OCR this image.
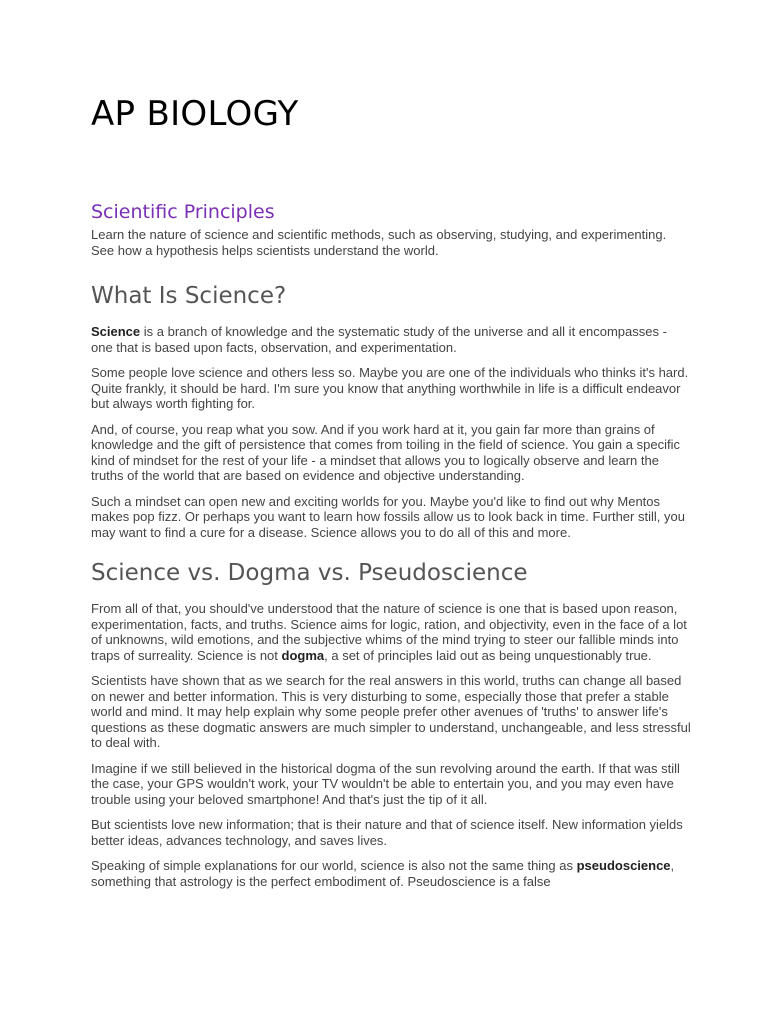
AP BIOLOGY
Scientific Principles

Learn the nature of science and scientific methods, such as observing, studying, and experimenting. See how a hypothesis helps scientists understand the world.

What Is Science?

Science is a branch of knowledge and the systematic study of the universe and all it encompasses - one that is based upon facts, observation, and experimentation.

Some people love science and others less so. Maybe you are one of the individuals who thinks it's hard. Quite frankly, it should be hard. I'm sure you know that anything worthwhile in life is a difficult endeavor but always worth fighting for.

And, of course, you reap what you sow. And if you work hard at it, you gain far more than grains of knowledge and the gift of persistence that comes from toiling in the field of science. You gain a specific kind of mindset for the rest of your life - a mindset that allows you to logically observe and learn the truths of the world that are based on evidence and objective understanding.

Such a mindset can open new and exciting worlds for you. Maybe you'd like to find out why Mentos makes pop fizz. Or perhaps you want to learn how fossils allow us to look back in time. Further still, you may want to find a cure for a disease. Science allows you to do all of this and more.

Science vs. Dogma vs. Pseudoscience

From all of that, you should've understood that the nature of science is one that is based upon reason, experimentation, facts, and truths. Science aims for logic, ration, and objectivity, even in the face of a lot of unknowns, wild emotions, and the subjective whims of the mind trying to steer our fallible minds into traps of surreality. Science is not dogma, a set of principles laid out as being unquestionably true.

Scientists have shown that as we search for the real answers in this world, truths can change all based on newer and better information. This is very disturbing to some, especially those that prefer a stable world and mind. It may help explain why some people prefer other avenues of 'truths' to answer life's questions as these dogmatic answers are much simpler to understand, unchangeable, and less stressful to deal with.

Imagine if we still believed in the historical dogma of the sun revolving around the earth. If that was still the case, your GPS wouldn't work, your TV wouldn't be able to entertain you, and you may even have trouble using your beloved smartphone! And that's just the tip of it all.

But scientists love new information; that is their nature and that of science itself. New information yields better ideas, advances technology, and saves lives.

Speaking of simple explanations for our world, science is also not the same thing as pseudoscience, something that astrology is the perfect embodiment of. Pseudoscience is a false
